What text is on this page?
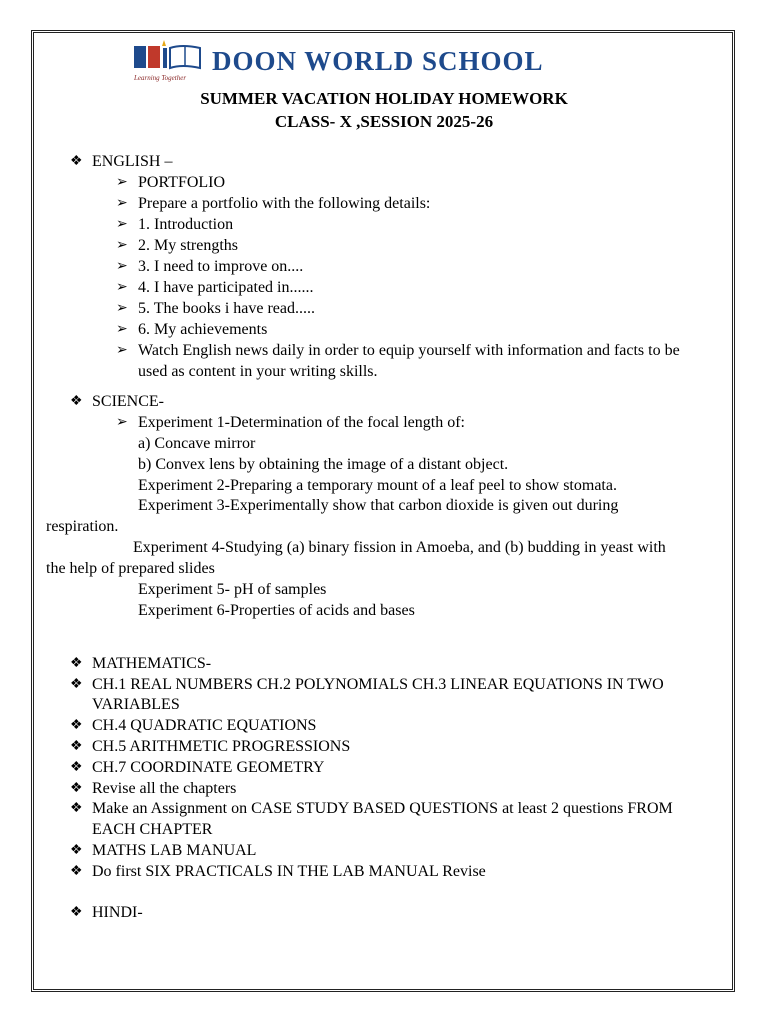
Learning Together
DOON WORLD SCHOOL
SUMMER VACATION HOLIDAY HOMEWORK
CLASS- X ,SESSION 2025-26
❖ ENGLISH –
➢ PORTFOLIO
➢ Prepare a portfolio with the following details:
➢ 1. Introduction
➢ 2. My strengths
➢ 3. I need to improve on....
➢ 4. I have participated in......
➢ 5. The books i have read.....
➢ 6. My achievements
➢ Watch English news daily in order to equip yourself with information and facts to be
used as content in your writing skills.
❖ SCIENCE-
➢ Experiment 1-Determination of the focal length of:
a) Concave mirror
b) Convex lens by obtaining the image of a distant object.
Experiment 2-Preparing a temporary mount of a leaf peel to show stomata.
Experiment 3-Experimentally show that carbon dioxide is given out during
respiration.
Experiment 4-Studying (a) binary fission in Amoeba, and (b) budding in yeast with
the help of prepared slides
Experiment 5- pH of samples
Experiment 6-Properties of acids and bases
❖ MATHEMATICS-
❖ CH.1 REAL NUMBERS CH.2 POLYNOMIALS CH.3 LINEAR EQUATIONS IN TWO
VARIABLES
❖ CH.4 QUADRATIC EQUATIONS
❖ CH.5 ARITHMETIC PROGRESSIONS
❖ CH.7 COORDINATE GEOMETRY
❖ Revise all the chapters
❖ Make an Assignment on CASE STUDY BASED QUESTIONS at least 2 questions FROM
EACH CHAPTER
❖ MATHS LAB MANUAL
❖ Do first SIX PRACTICALS IN THE LAB MANUAL Revise
❖ HINDI-
